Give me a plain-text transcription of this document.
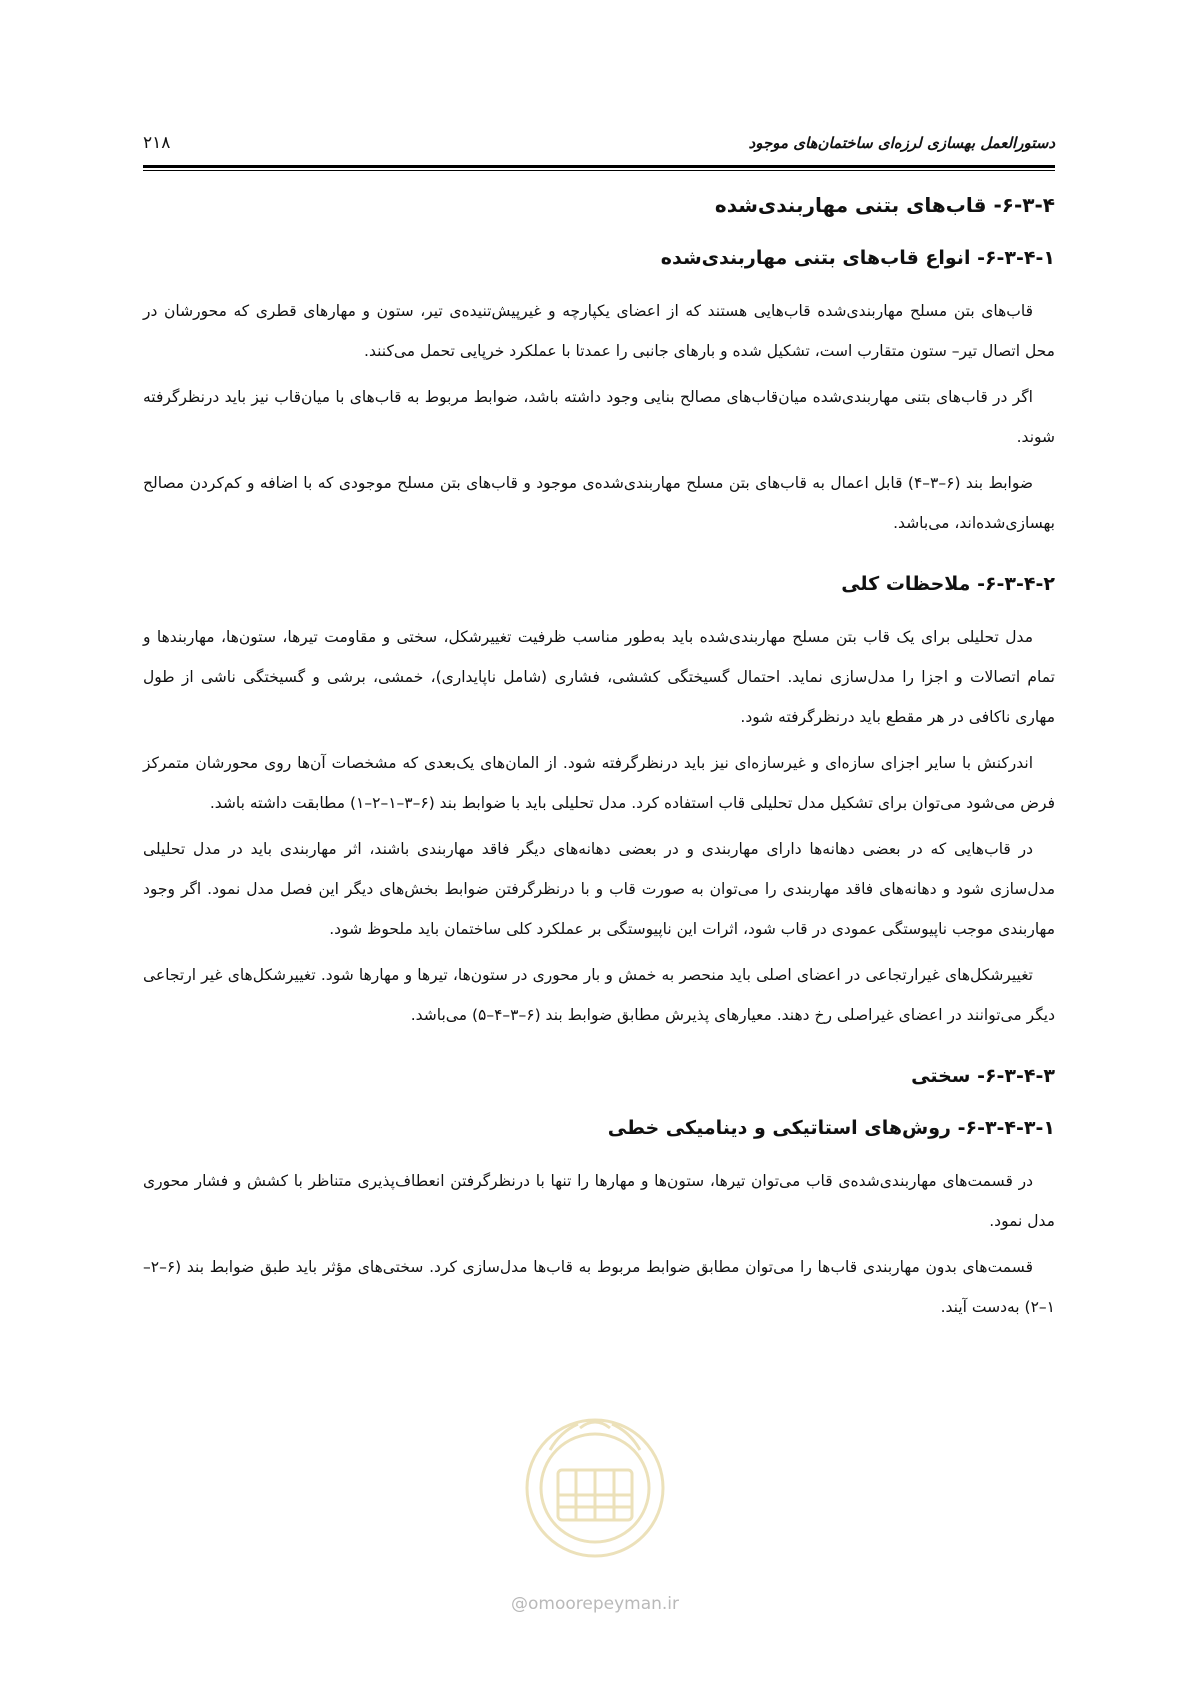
۲۱۸	دستورالعمل بهسازی لرزه‌ای ساختمان‌های موجود
۶-۳-۴- قاب‌های بتنی مهاربندی‌شده
۶-۳-۴-۱- انواع قاب‌های بتنی مهاربندی‌شده

قاب‌های بتن مسلح مهاربندی‌شده قاب‌هایی هستند که از اعضای یکپارچه و غیرپیش‌تنیده‌ی تیر، ستون و مهارهای قطری که محورشان در محل اتصال تیر– ستون متقارب است، تشکیل شده و بارهای جانبی را عمدتا با عملکرد خرپایی تحمل می‌کنند.

اگر در قاب‌های بتنی مهاربندی‌شده میان‌قاب‌های مصالح بنایی وجود داشته باشد، ضوابط مربوط به قاب‌های با میان‌قاب نیز باید درنظرگرفته شوند.

ضوابط بند (۶–۳–۴) قابل اعمال به قاب‌های بتن مسلح مهاربندی‌شده‌ی موجود و قاب‌های بتن مسلح موجودی که با اضافه و کم‌کردن مصالح بهسازی‌شده‌اند، می‌باشد.

۶-۳-۴-۲- ملاحظات کلی

مدل تحلیلی برای یک قاب بتن مسلح مهاربندی‌شده باید به‌طور مناسب ظرفیت تغییرشکل، سختی و مقاومت تیرها، ستون‌ها، مهاربندها و تمام اتصالات و اجزا را مدل‌سازی نماید. احتمال گسیختگی کششی، فشاری (شامل ناپایداری)، خمشی، برشی و گسیختگی ناشی از طول مهاری ناکافی در هر مقطع باید درنظرگرفته شود.

اندرکنش با سایر اجزای سازه‌ای و غیرسازه‌ای نیز باید درنظرگرفته شود. از المان‌های یک‌بعدی که مشخصات آن‌ها روی محورشان متمرکز فرض می‌شود می‌توان برای تشکیل مدل تحلیلی قاب استفاده کرد. مدل تحلیلی باید با ضوابط بند (۶–۳–۱–۲–۱) مطابقت داشته باشد.

در قاب‌هایی که در بعضی دهانه‌ها دارای مهاربندی و در بعضی دهانه‌های دیگر فاقد مهاربندی باشند، اثر مهاربندی باید در مدل تحلیلی مدل‌سازی شود و دهانه‌های فاقد مهاربندی را می‌توان به صورت قاب و با درنظرگرفتن ضوابط بخش‌های دیگر این فصل مدل نمود. اگر وجود مهاربندی موجب ناپیوستگی عمودی در قاب شود، اثرات این ناپیوستگی بر عملکرد کلی ساختمان باید ملحوظ شود.

تغییرشکل‌های غیرارتجاعی در اعضای اصلی باید منحصر به خمش و بار محوری در ستون‌ها، تیرها و مهارها شود. تغییرشکل‌های غیر ارتجاعی دیگر می‌توانند در اعضای غیراصلی رخ دهند. معیارهای پذیرش مطابق ضوابط بند (۶–۳–۴–۵) می‌باشد.

۶-۳-۴-۳- سختی
۶-۳-۴-۳-۱- روش‌های استاتیکی و دینامیکی خطی

در قسمت‌های مهاربندی‌شده‌ی قاب می‌توان تیرها، ستون‌ها و مهارها را تنها با درنظرگرفتن انعطاف‌پذیری متناظر با کشش و فشار محوری مدل نمود.

قسمت‌های بدون مهاربندی قاب‌ها را می‌توان مطابق ضوابط مربوط به قاب‌ها مدل‌سازی کرد. سختی‌های مؤثر باید طبق ضوابط بند (۶–۲–۱–۲) به‌دست آیند.

@omoorepeyman.ir
